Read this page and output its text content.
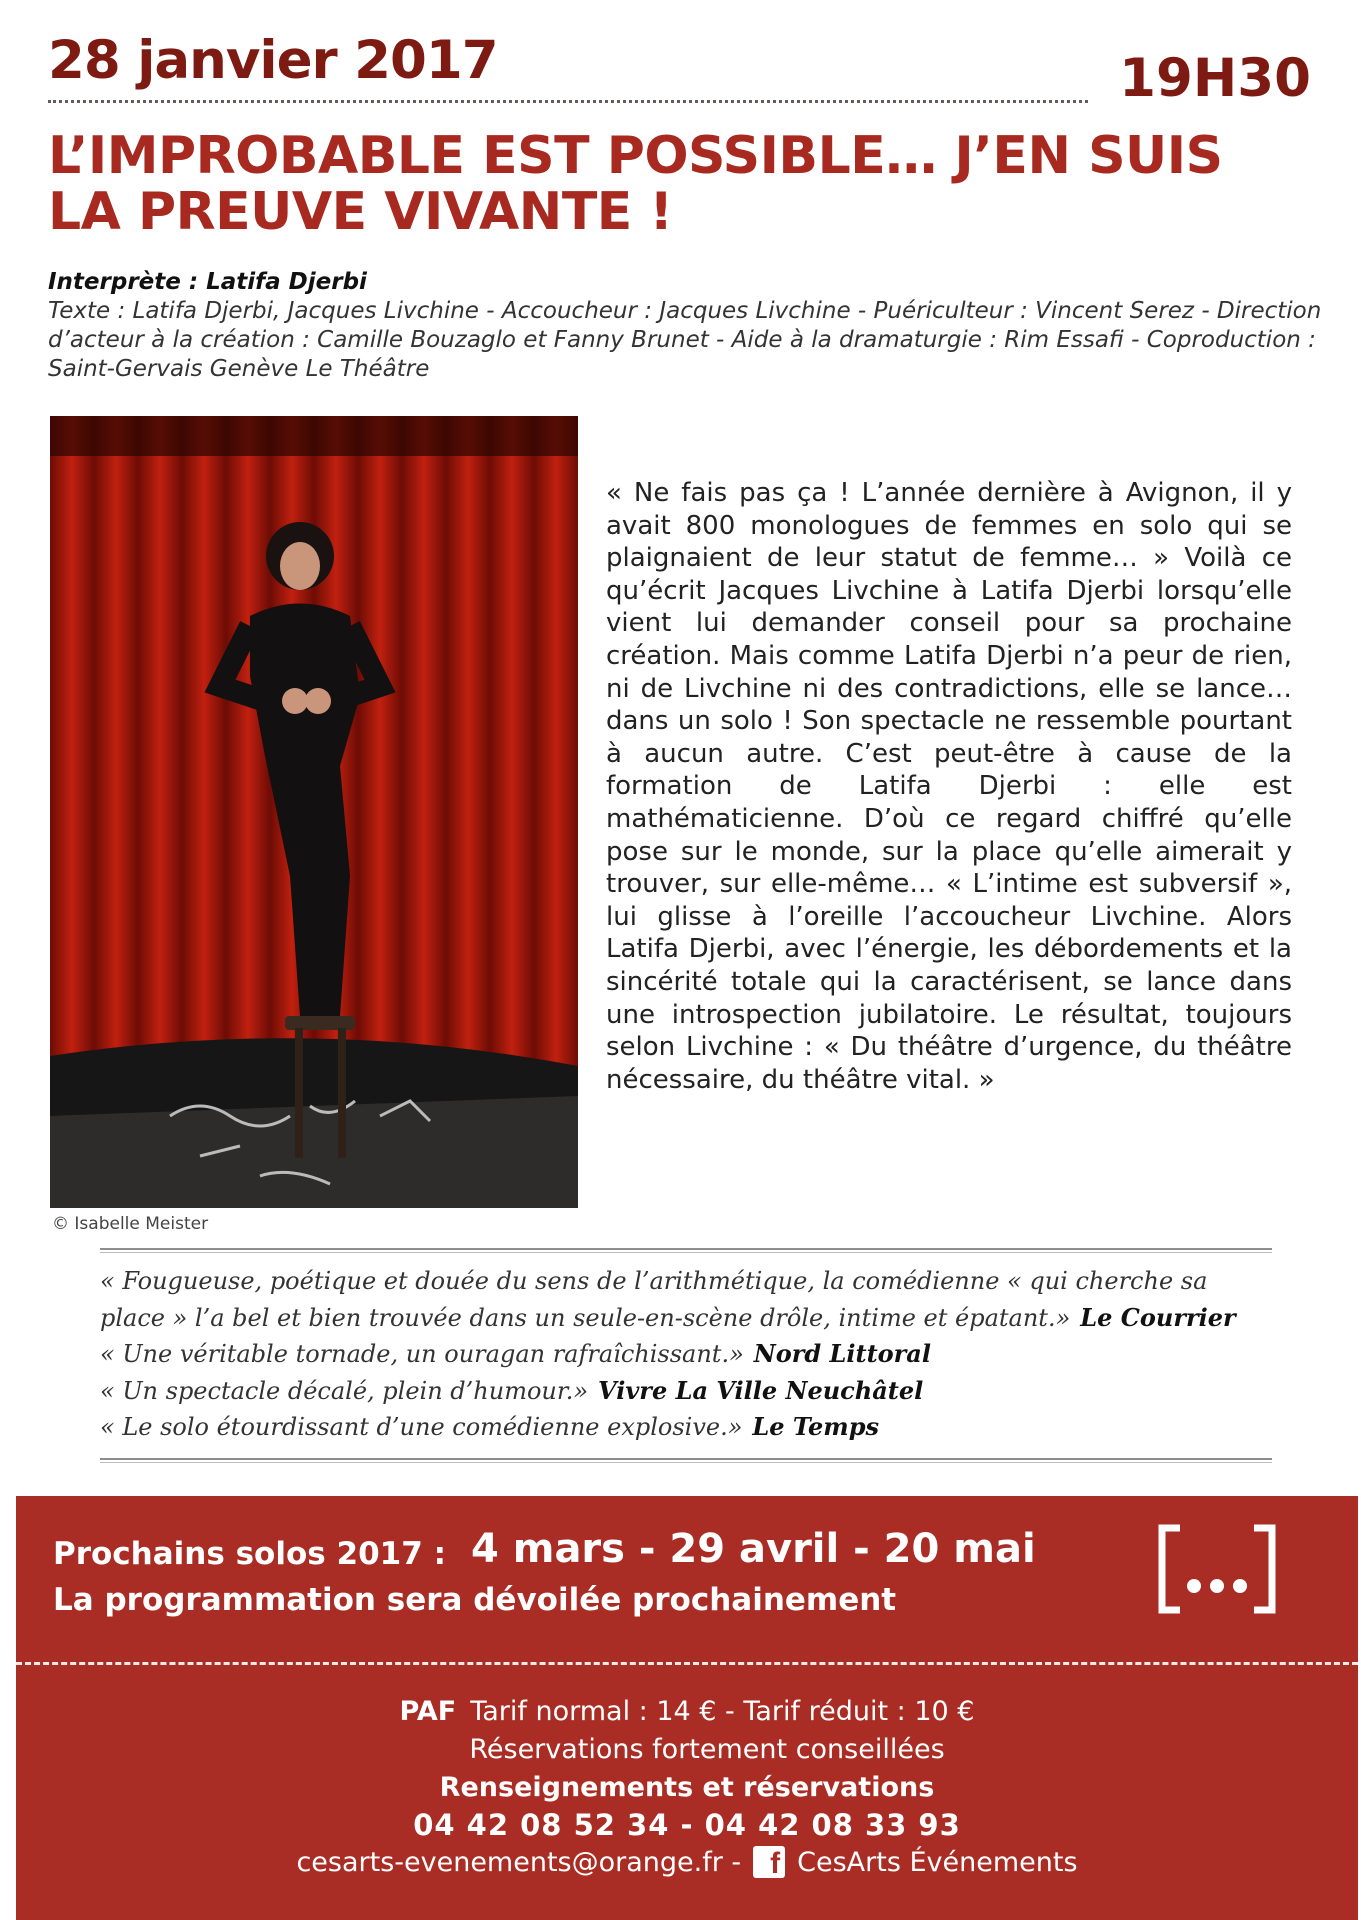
28 janvier 2017	19H30
L’IMPROBABLE EST POSSIBLE… J’EN SUIS
LA PREUVE VIVANTE !
Interprète : Latifa Djerbi
Texte : Latifa Djerbi, Jacques Livchine - Accoucheur : Jacques Livchine - Puériculteur : Vincent Serez - Direction d’acteur à la création : Camille Bouzaglo et Fanny Brunet - Aide à la dramaturgie : Rim Essafi - Coproduction : Saint-Gervais Genève Le Théâtre
© Isabelle Meister
« Ne fais pas ça ! L’année dernière à Avignon, il y avait 800 monologues de femmes en solo qui se plaignaient de leur statut de femme… » Voilà ce qu’écrit Jacques Livchine à Latifa Djerbi lorsqu’elle vient lui demander conseil pour sa prochaine création. Mais comme Latifa Djerbi n’a peur de rien, ni de Livchine ni des contradictions, elle se lance… dans un solo ! Son spectacle ne ressemble pourtant à aucun autre. C’est peut-être à cause de la formation de Latifa Djerbi : elle est mathématicienne. D’où ce regard chiffré qu’elle pose sur le monde, sur la place qu’elle aimerait y trouver, sur elle-même… « L’intime est subversif », lui glisse à l’oreille l’accoucheur Livchine. Alors Latifa Djerbi, avec l’énergie, les débordements et la sincérité totale qui la caractérisent, se lance dans une introspection jubilatoire. Le résultat, toujours selon Livchine : « Du théâtre d’urgence, du théâtre nécessaire, du théâtre vital. »
« Fougueuse, poétique et douée du sens de l’arithmétique, la comédienne « qui cherche sa place » l’a bel et bien trouvée dans un seule-en-scène drôle, intime et épatant.» Le Courrier
« Une véritable tornade, un ouragan rafraîchissant.» Nord Littoral
« Un spectacle décalé, plein d’humour.» Vivre La Ville Neuchâtel
« Le solo étourdissant d’une comédienne explosive.» Le Temps
Prochains solos 2017 : 4 mars - 29 avril - 20 mai
La programmation sera dévoilée prochainement
PAF Tarif normal : 14 € - Tarif réduit : 10 €
Réservations fortement conseillées
Renseignements et réservations
04 42 08 52 34 - 04 42 08 33 93
cesarts-evenements@orange.fr - f CesArts Événements
